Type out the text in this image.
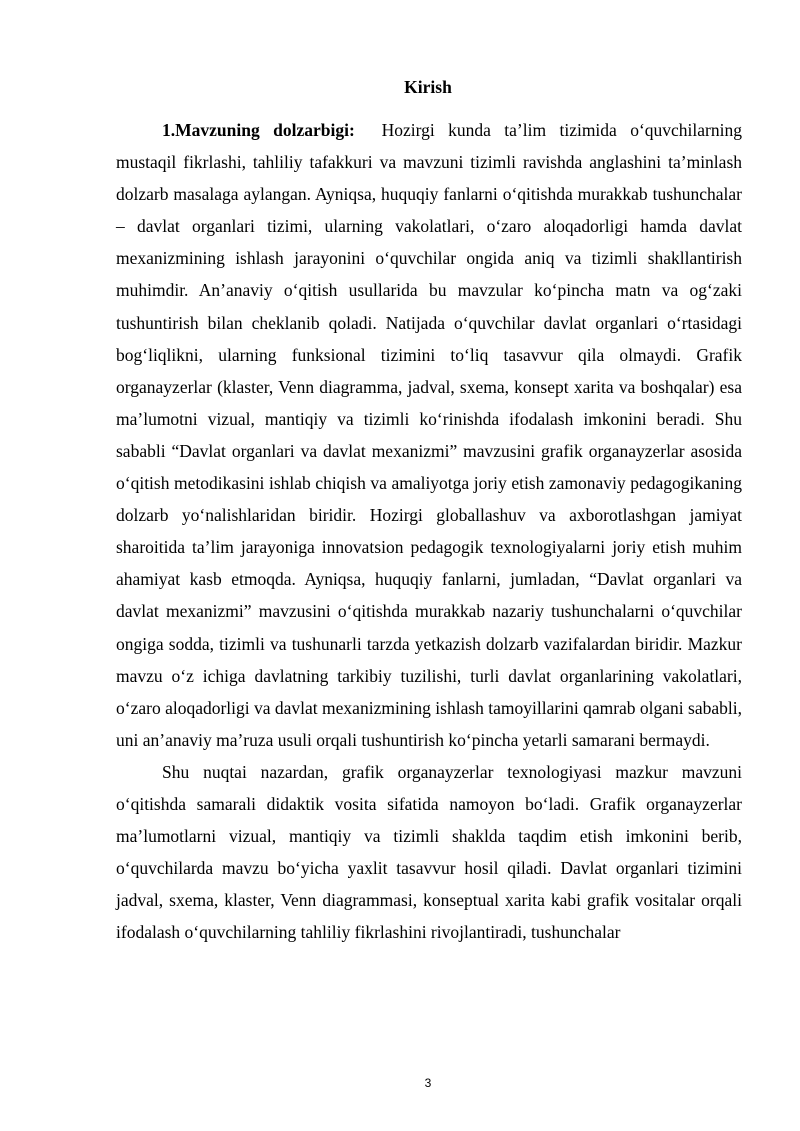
Kirish

1.Mavzuning dolzarbigi: Hozirgi kunda ta’lim tizimida o‘quvchilarning mustaqil fikrlashi, tahliliy tafakkuri va mavzuni tizimli ravishda anglashini ta’minlash dolzarb masalaga aylangan. Ayniqsa, huquqiy fanlarni o‘qitishda murakkab tushunchalar – davlat organlari tizimi, ularning vakolatlari, o‘zaro aloqadorligi hamda davlat mexanizmining ishlash jarayonini o‘quvchilar ongida aniq va tizimli shakllantirish muhimdir. An’anaviy o‘qitish usullarida bu mavzular ko‘pincha matn va og‘zaki tushuntirish bilan cheklanib qoladi. Natijada o‘quvchilar davlat organlari o‘rtasidagi bog‘liqlikni, ularning funksional tizimini to‘liq tasavvur qila olmaydi. Grafik organayzerlar (klaster, Venn diagramma, jadval, sxema, konsept xarita va boshqalar) esa ma’lumotni vizual, mantiqiy va tizimli ko‘rinishda ifodalash imkonini beradi. Shu sababli “Davlat organlari va davlat mexanizmi” mavzusini grafik organayzerlar asosida o‘qitish metodikasini ishlab chiqish va amaliyotga joriy etish zamonaviy pedagogikaning dolzarb yo‘nalishlaridan biridir. Hozirgi globallashuv va axborotlashgan jamiyat sharoitida ta’lim jarayoniga innovatsion pedagogik texnologiyalarni joriy etish muhim ahamiyat kasb etmoqda. Ayniqsa, huquqiy fanlarni, jumladan, “Davlat organlari va davlat mexanizmi” mavzusini o‘qitishda murakkab nazariy tushunchalarni o‘quvchilar ongiga sodda, tizimli va tushunarli tarzda yetkazish dolzarb vazifalardan biridir. Mazkur mavzu o‘z ichiga davlatning tarkibiy tuzilishi, turli davlat organlarining vakolatlari, o‘zaro aloqadorligi va davlat mexanizmining ishlash tamoyillarini qamrab olgani sababli, uni an’anaviy ma’ruza usuli orqali tushuntirish ko‘pincha yetarli samarani bermaydi.

Shu nuqtai nazardan, grafik organayzerlar texnologiyasi mazkur mavzuni o‘qitishda samarali didaktik vosita sifatida namoyon bo‘ladi. Grafik organayzerlar ma’lumotlarni vizual, mantiqiy va tizimli shaklda taqdim etish imkonini berib, o‘quvchilarda mavzu bo‘yicha yaxlit tasavvur hosil qiladi. Davlat organlari tizimini jadval, sxema, klaster, Venn diagrammasi, konseptual xarita kabi grafik vositalar orqali ifodalash o‘quvchilarning tahliliy fikrlashini rivojlantiradi, tushunchalar

3
